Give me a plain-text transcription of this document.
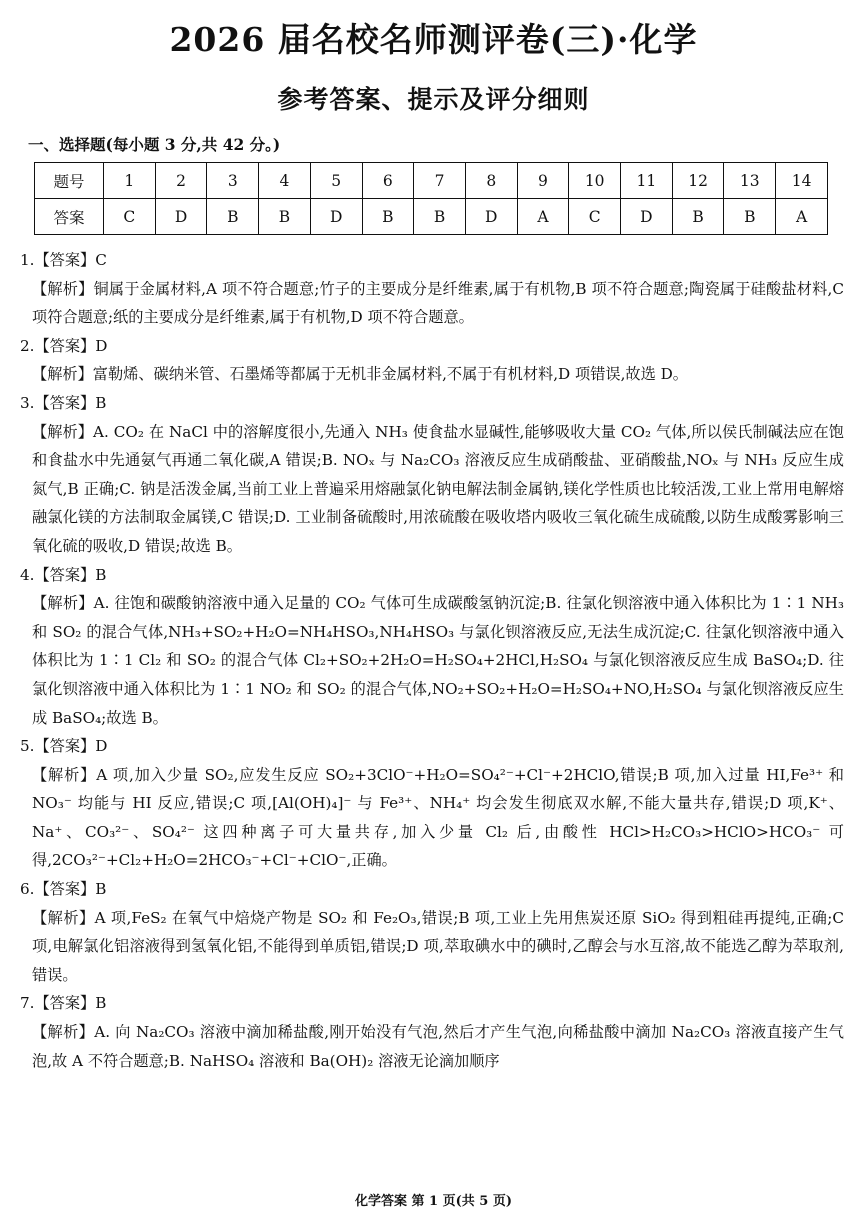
2026 届名校名师测评卷(三)·化学
参考答案、提示及评分细则
一、选择题(每小题 3 分,共 42 分。)
题号	1	2	3	4	5	6	7	8	9	10	11	12	13	14
答案	C	D	B	B	D	B	B	D	A	C	D	B	B	A

1.【答案】C

【解析】铜属于金属材料,A 项不符合题意;竹子的主要成分是纤维素,属于有机物,B 项不符合题意;陶瓷属于硅酸盐材料,C 项符合题意;纸的主要成分是纤维素,属于有机物,D 项不符合题意。

2.【答案】D

【解析】富勒烯、碳纳米管、石墨烯等都属于无机非金属材料,不属于有机材料,D 项错误,故选 D。

3.【答案】B

【解析】A. CO₂ 在 NaCl 中的溶解度很小,先通入 NH₃ 使食盐水显碱性,能够吸收大量 CO₂ 气体,所以侯氏制碱法应在饱和食盐水中先通氨气再通二氧化碳,A 错误;B. NOₓ 与 Na₂CO₃ 溶液反应生成硝酸盐、亚硝酸盐,NOₓ 与 NH₃ 反应生成氮气,B 正确;C. 钠是活泼金属,当前工业上普遍采用熔融氯化钠电解法制金属钠,镁化学性质也比较活泼,工业上常用电解熔融氯化镁的方法制取金属镁,C 错误;D. 工业制备硫酸时,用浓硫酸在吸收塔内吸收三氧化硫生成硫酸,以防生成酸雾影响三氧化硫的吸收,D 错误;故选 B。

4.【答案】B

【解析】A. 往饱和碳酸钠溶液中通入足量的 CO₂ 气体可生成碳酸氢钠沉淀;B. 往氯化钡溶液中通入体积比为 1∶1 NH₃ 和 SO₂ 的混合气体,NH₃+SO₂+H₂O=NH₄HSO₃,NH₄HSO₃ 与氯化钡溶液反应,无法生成沉淀;C. 往氯化钡溶液中通入体积比为 1∶1 Cl₂ 和 SO₂ 的混合气体 Cl₂+SO₂+2H₂O=H₂SO₄+2HCl,H₂SO₄ 与氯化钡溶液反应生成 BaSO₄;D. 往氯化钡溶液中通入体积比为 1∶1 NO₂ 和 SO₂ 的混合气体,NO₂+SO₂+H₂O=H₂SO₄+NO,H₂SO₄ 与氯化钡溶液反应生成 BaSO₄;故选 B。

5.【答案】D

【解析】A 项,加入少量 SO₂,应发生反应 SO₂+3ClO⁻+H₂O=SO₄²⁻+Cl⁻+2HClO,错误;B 项,加入过量 HI,Fe³⁺ 和 NO₃⁻ 均能与 HI 反应,错误;C 项,[Al(OH)₄]⁻ 与 Fe³⁺、NH₄⁺ 均会发生彻底双水解,不能大量共存,错误;D 项,K⁺、Na⁺、CO₃²⁻、SO₄²⁻ 这四种离子可大量共存,加入少量 Cl₂ 后,由酸性 HCl>H₂CO₃>HClO>HCO₃⁻ 可得,2CO₃²⁻+Cl₂+H₂O=2HCO₃⁻+Cl⁻+ClO⁻,正确。

6.【答案】B

【解析】A 项,FeS₂ 在氧气中焙烧产物是 SO₂ 和 Fe₂O₃,错误;B 项,工业上先用焦炭还原 SiO₂ 得到粗硅再提纯,正确;C 项,电解氯化铝溶液得到氢氧化铝,不能得到单质铝,错误;D 项,萃取碘水中的碘时,乙醇会与水互溶,故不能选乙醇为萃取剂,错误。

7.【答案】B

【解析】A. 向 Na₂CO₃ 溶液中滴加稀盐酸,刚开始没有气泡,然后才产生气泡,向稀盐酸中滴加 Na₂CO₃ 溶液直接产生气泡,故 A 不符合题意;B. NaHSO₄ 溶液和 Ba(OH)₂ 溶液无论滴加顺序

化学答案 第 1 页(共 5 页)
